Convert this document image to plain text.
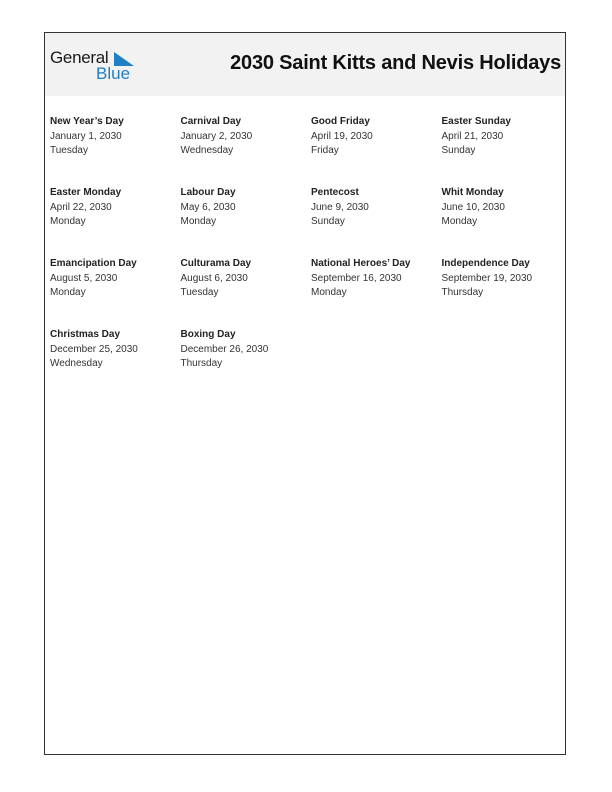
General
Blue	2030 Saint Kitts and Nevis Holidays
New Year’s Day
January 1, 2030
Tuesday
Carnival Day
January 2, 2030
Wednesday
Good Friday
April 19, 2030
Friday
Easter Sunday
April 21, 2030
Sunday
Easter Monday
April 22, 2030
Monday
Labour Day
May 6, 2030
Monday
Pentecost
June 9, 2030
Sunday
Whit Monday
June 10, 2030
Monday
Emancipation Day
August 5, 2030
Monday
Culturama Day
August 6, 2030
Tuesday
National Heroes’ Day
September 16, 2030
Monday
Independence Day
September 19, 2030
Thursday
Christmas Day
December 25, 2030
Wednesday
Boxing Day
December 26, 2030
Thursday
